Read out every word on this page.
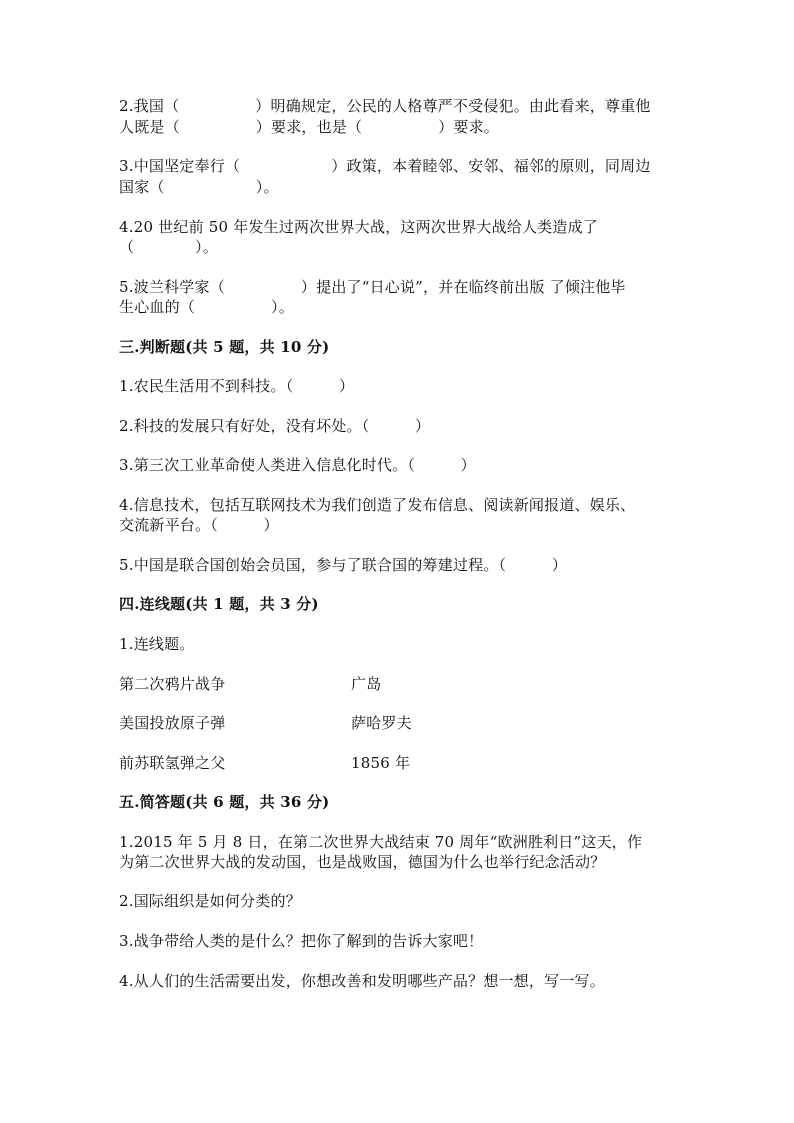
2.我国（　　　　　）明确规定，公民的人格尊严不受侵犯。由此看来，尊重他
人既是（　　　　　）要求，也是（　　　　　）要求。
3.中国坚定奉行（　　　　　　）政策，本着睦邻、安邻、福邻的原则，同周边
国家（　　　　　　）。
4.20 世纪前 50 年发生过两次世界大战，这两次世界大战给人类造成了
（　　　　）。
5.波兰科学家（　　　　　）提出了“日心说”，并在临终前出版 了倾注他毕
生心血的（　　　　　）。
三.判断题(共 5 题，共 10 分)
1.农民生活用不到科技。（　　　）
2.科技的发展只有好处，没有坏处。（　　　）
3.第三次工业革命使人类进入信息化时代。（　　　）
4.信息技术，包括互联网技术为我们创造了发布信息、阅读新闻报道、娱乐、
交流新平台。（　　　）
5.中国是联合国创始会员国，参与了联合国的筹建过程。（　　　）
四.连线题(共 1 题，共 3 分)
1.连线题。
第二次鸦片战争	广岛
美国投放原子弹	萨哈罗夫
前苏联氢弹之父	1856 年
五.简答题(共 6 题，共 36 分)
1.2015 年 5 月 8 日，在第二次世界大战结束 70 周年“欧洲胜利日”这天，作
为第二次世界大战的发动国，也是战败国，德国为什么也举行纪念活动？
2.国际组织是如何分类的？
3.战争带给人类的是什么？把你了解到的告诉大家吧！
4.从人们的生活需要出发，你想改善和发明哪些产品？想一想，写一写。
